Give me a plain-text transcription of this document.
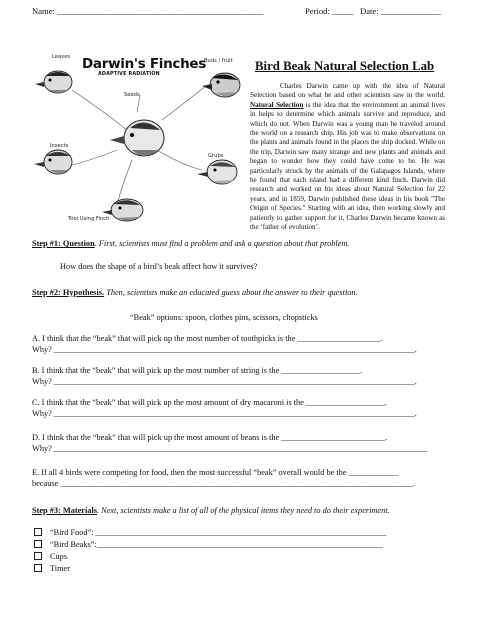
Name: ________________________________________________	Period: _____ Date: ______________
Darwin's Finches
ADAPTIVE RADIATION
Leaves
Buds / fruit
Seeds
Insects
Grubs
Tool Using Finch
Bird Beak Natural Selection Lab
Charles Darwin came up with the idea of Natural Selection based on what he and other scientists saw in the world. Natural Selection is the idea that the environment an animal lives in helps to determine which animals survive and reproduce, and which do not. When Darwin was a young man he traveled around the world on a research ship. His job was to make observations on the plants and animals found in the places the ship docked. While on the trip, Darwin saw many strange and new plants and animals and began to wonder how they could have come to be. He was particularly struck by the animals of the Galapagos Islands, where he found that each island had a different kind finch. Darwin did research and worked on his ideas about Natural Selection for 22 years, and in 1859, Darwin published these ideas in his book "The Origin of Species." Starting with an idea, then working slowly and patiently to gather support for it, Charles Darwin became known as the ‘father of evolution’.
Step #1: Question. First, scientists must find a problem and ask a question about that problem.
How does the shape of a bird’s beak affect how it survives?
Step #2: Hypothesis. Then, scientists make an educated guess about the answer to their question.
“Beak” options: spoon, clothes pins, scissors, chopsticks
A. I think that the “beak” that will pick up the most number of toothpicks is the ____________________.
Why? _______________________________________________________________________________________.
B. I think that the “beak” that will pick up the most number of string is the ___________________.
Why? _______________________________________________________________________________________.
C. I think that the “beak” that will pick up the most amount of dry macaroni is the ___________________.
Why? _______________________________________________________________________________________.
D. I think that the “beak” that will pick up the most amount of beans is the _________________________.
Why? __________________________________________________________________________________________
E. If all 4 birds were competing for food, then the most successful “beak” overall would be the ____________
because _____________________________________________________________________________________.
Step #3: Materials. Next, scientists make a list of all of the physical items they need to do their experiment.
“Bird Food”: ______________________________________________________________________
“Bird Beaks”:_____________________________________________________________________
Cups
Timer
